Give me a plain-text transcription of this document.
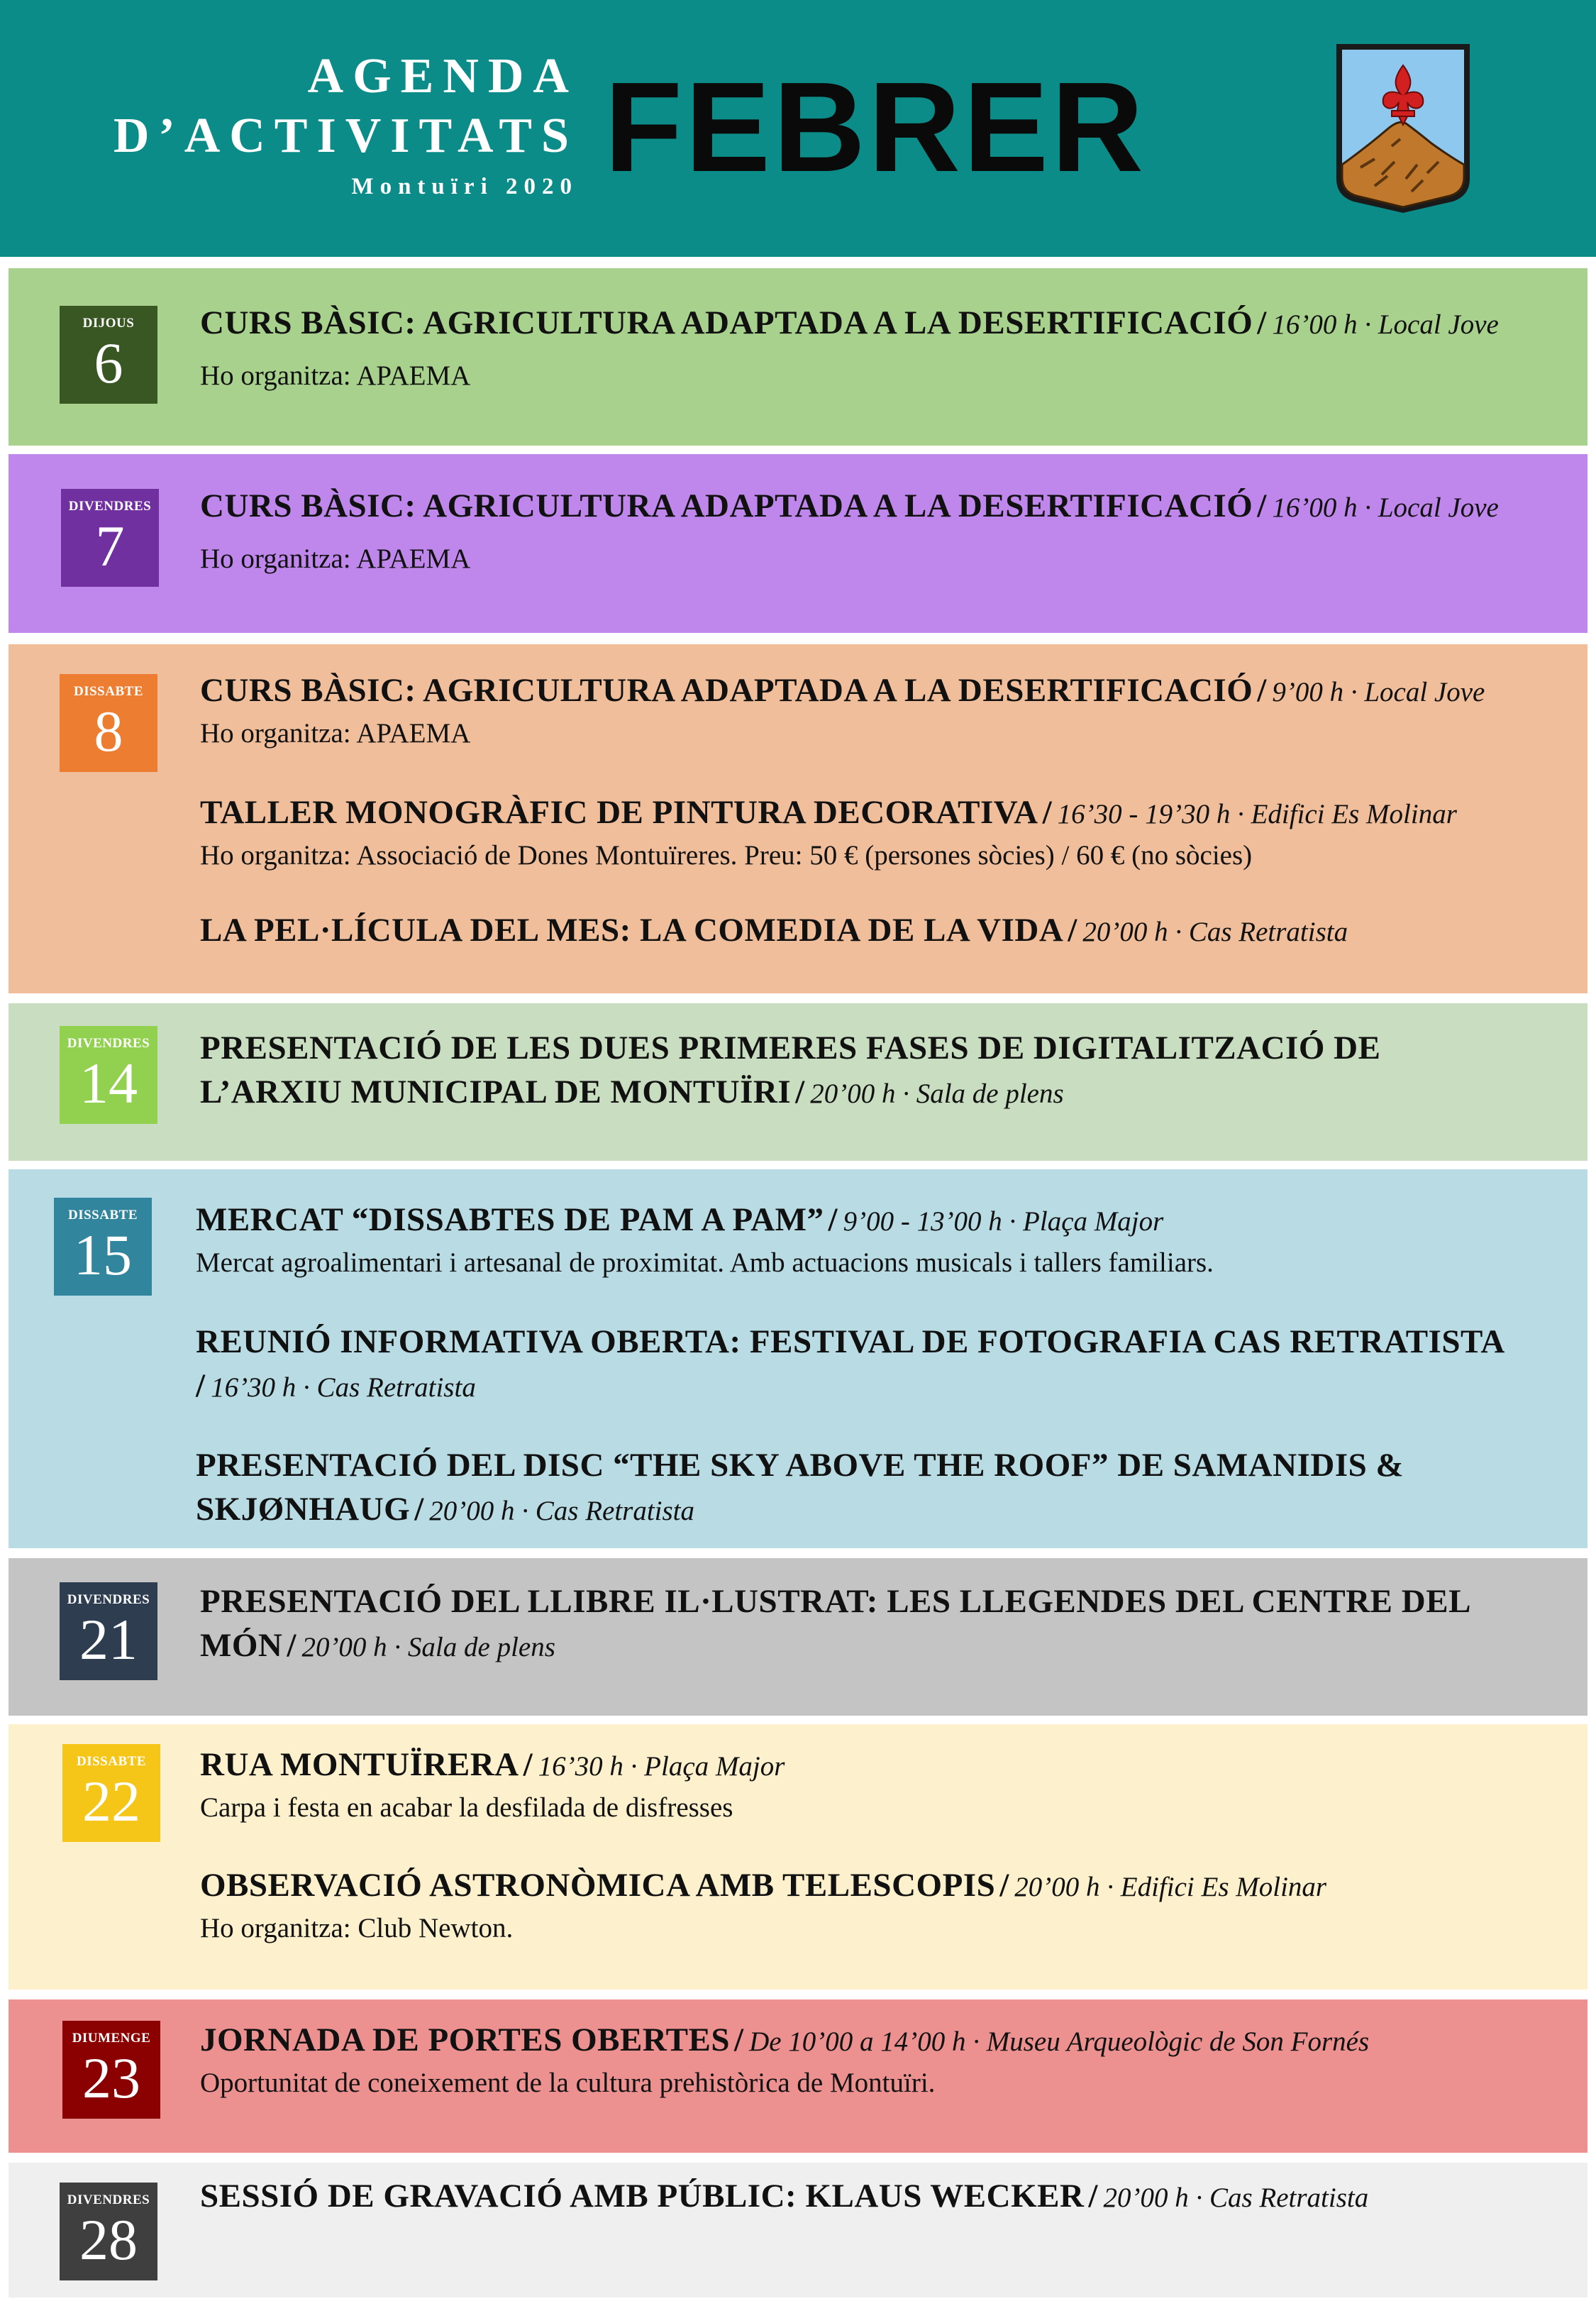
AGENDA
D’ACTIVITATS
Montuïri 2020 FEBRER
DIJOUS
6
CURS BÀSIC: AGRICULTURA ADAPTADA A LA DESERTIFICACIÓ / 16’00 h · Local Jove
Ho organitza: APAEMA
DIVENDRES
7
CURS BÀSIC: AGRICULTURA ADAPTADA A LA DESERTIFICACIÓ / 16’00 h · Local Jove
Ho organitza: APAEMA
DISSABTE
8
CURS BÀSIC: AGRICULTURA ADAPTADA A LA DESERTIFICACIÓ / 9’00 h · Local Jove
Ho organitza: APAEMA
TALLER MONOGRÀFIC DE PINTURA DECORATIVA / 16’30 - 19’30 h · Edifici Es Molinar
Ho organitza: Associació de Dones Montuïreres. Preu: 50 € (persones sòcies) / 60 € (no sòcies)
LA PEL·LÍCULA DEL MES: LA COMEDIA DE LA VIDA / 20’00 h · Cas Retratista
DIVENDRES
14
PRESENTACIÓ DE LES DUES PRIMERES FASES DE DIGITALITZACIÓ DE
L’ARXIU MUNICIPAL DE MONTUÏRI / 20’00 h · Sala de plens
DISSABTE
15
MERCAT “DISSABTES DE PAM A PAM” / 9’00 - 13’00 h · Plaça Major
Mercat agroalimentari i artesanal de proximitat. Amb actuacions musicals i tallers familiars.
REUNIÓ INFORMATIVA OBERTA: FESTIVAL DE FOTOGRAFIA CAS RETRATISTA
/ 16’30 h · Cas Retratista
PRESENTACIÓ DEL DISC “THE SKY ABOVE THE ROOF” DE SAMANIDIS &
SKJØNHAUG / 20’00 h · Cas Retratista
DIVENDRES
21
PRESENTACIÓ DEL LLIBRE IL·LUSTRAT: LES LLEGENDES DEL CENTRE DEL
MÓN / 20’00 h · Sala de plens
DISSABTE
22
RUA MONTUÏRERA / 16’30 h · Plaça Major
Carpa i festa en acabar la desfilada de disfresses
OBSERVACIÓ ASTRONÒMICA AMB TELESCOPIS / 20’00 h · Edifici Es Molinar
Ho organitza: Club Newton.
DIUMENGE
23
JORNADA DE PORTES OBERTES / De 10’00 a 14’00 h · Museu Arqueològic de Son Fornés
Oportunitat de coneixement de la cultura prehistòrica de Montuïri.
DIVENDRES
28
SESSIÓ DE GRAVACIÓ AMB PÚBLIC: KLAUS WECKER / 20’00 h · Cas Retratista
